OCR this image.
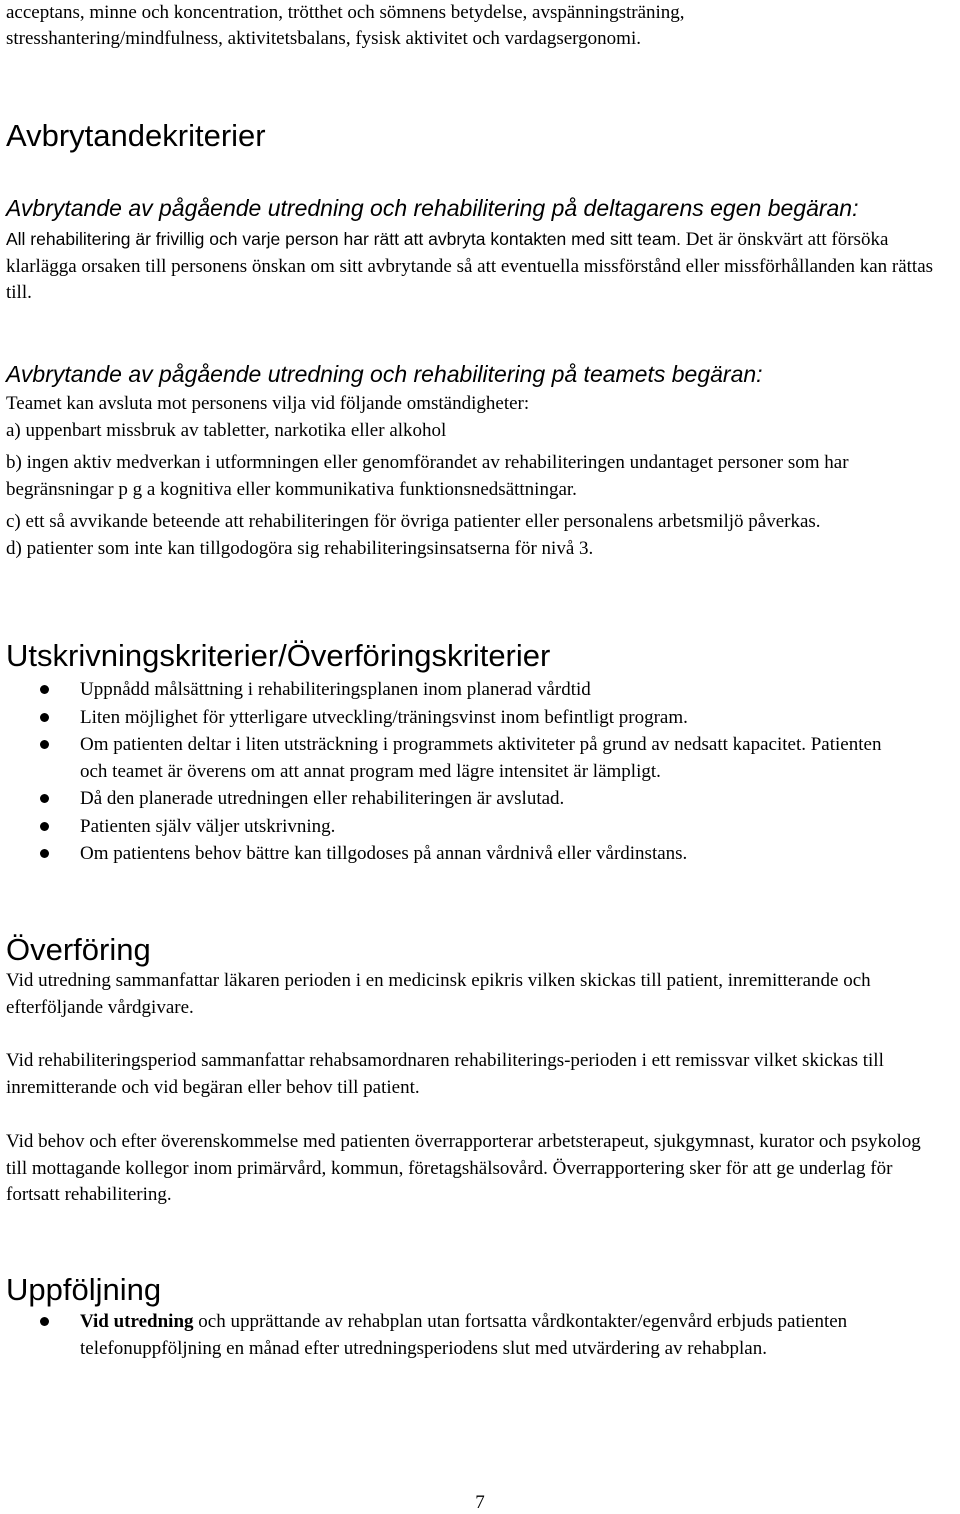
acceptans, minne och koncentration, trötthet och sömnens betydelse, avspänningsträning,

stresshantering/mindfulness, aktivitetsbalans, fysisk aktivitet och vardagsergonomi.

Avbrytandekriterier
Avbrytande av pågående utredning och rehabilitering på deltagarens egen begäran:

All rehabilitering är frivillig och varje person har rätt att avbryta kontakten med sitt team. Det är önskvärt att försöka klarlägga orsaken till personens önskan om sitt avbrytande så att eventuella missförstånd eller missförhållanden kan rättas till.

Avbrytande av pågående utredning och rehabilitering på teamets begäran:

Teamet kan avsluta mot personens vilja vid följande omständigheter:

a) uppenbart missbruk av tabletter, narkotika eller alkohol

b) ingen aktiv medverkan i utformningen eller genomförandet av rehabiliteringen undantaget personer som har begränsningar p g a kognitiva eller kommunikativa funktionsnedsättningar.

c) ett så avvikande beteende att rehabiliteringen för övriga patienter eller personalens arbetsmiljö påverkas.

d) patienter som inte kan tillgodogöra sig rehabiliteringsinsatserna för nivå 3.

Utskrivningskriterier/Överföringskriterier
Uppnådd målsättning i rehabiliteringsplanen inom planerad vårdtid
Liten möjlighet för ytterligare utveckling/träningsvinst inom befintligt program.
Om patienten deltar i liten utsträckning i programmets aktiviteter på grund av nedsatt kapacitet. Patienten och teamet är överens om att annat program med lägre intensitet är lämpligt.
Då den planerade utredningen eller rehabiliteringen är avslutad.
Patienten själv väljer utskrivning.
Om patientens behov bättre kan tillgodoses på annan vårdnivå eller vårdinstans.
Överföring

Vid utredning sammanfattar läkaren perioden i en medicinsk epikris vilken skickas till patient, inremitterande och efterföljande vårdgivare.

Vid rehabiliteringsperiod sammanfattar rehabsamordnaren rehabiliterings-perioden i ett remissvar vilket skickas till inremitterande och vid begäran eller behov till patient.

Vid behov och efter överenskommelse med patienten överrapporterar arbetsterapeut, sjukgymnast, kurator och psykolog till mottagande kollegor inom primärvård, kommun, företagshälsovård. Överrapportering sker för att ge underlag för fortsatt rehabilitering.

Uppföljning
Vid utredning och upprättande av rehabplan utan fortsatta vårdkontakter/egenvård erbjuds patienten telefonuppföljning en månad efter utredningsperiodens slut med utvärdering av rehabplan.
7
